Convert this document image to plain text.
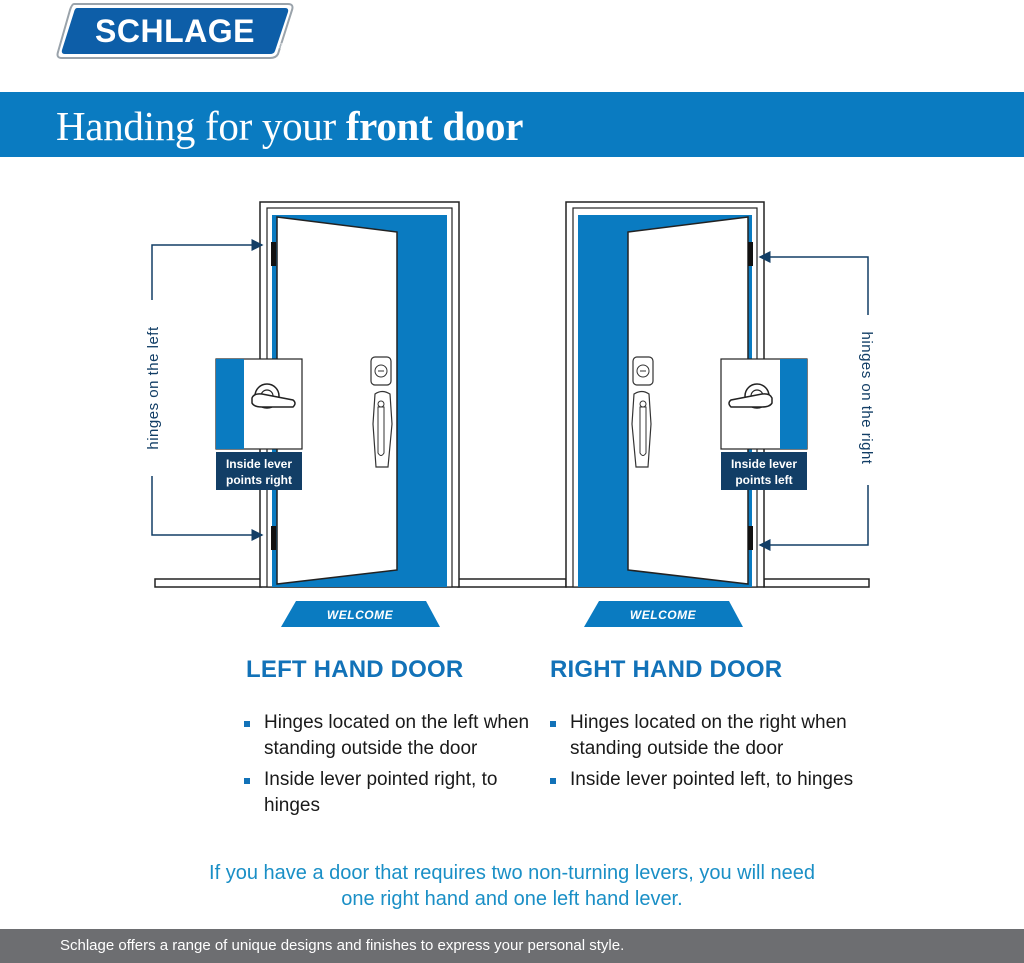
SCHLAGE	®
Handing for your front door
Inside lever
points right
hinges on the left
WELCOME
Inside lever
points left
hinges on the right
WELCOME
LEFT HAND DOOR	RIGHT HAND DOOR
Hinges located on the left when standing outside the door
Inside lever pointed right, to hinges
Hinges located on the right when standing outside the door
Inside lever pointed left, to hinges
If you have a door that requires two non-turning levers, you will need one right hand and one left hand lever.
Schlage offers a range of unique designs and finishes to express your personal style.
